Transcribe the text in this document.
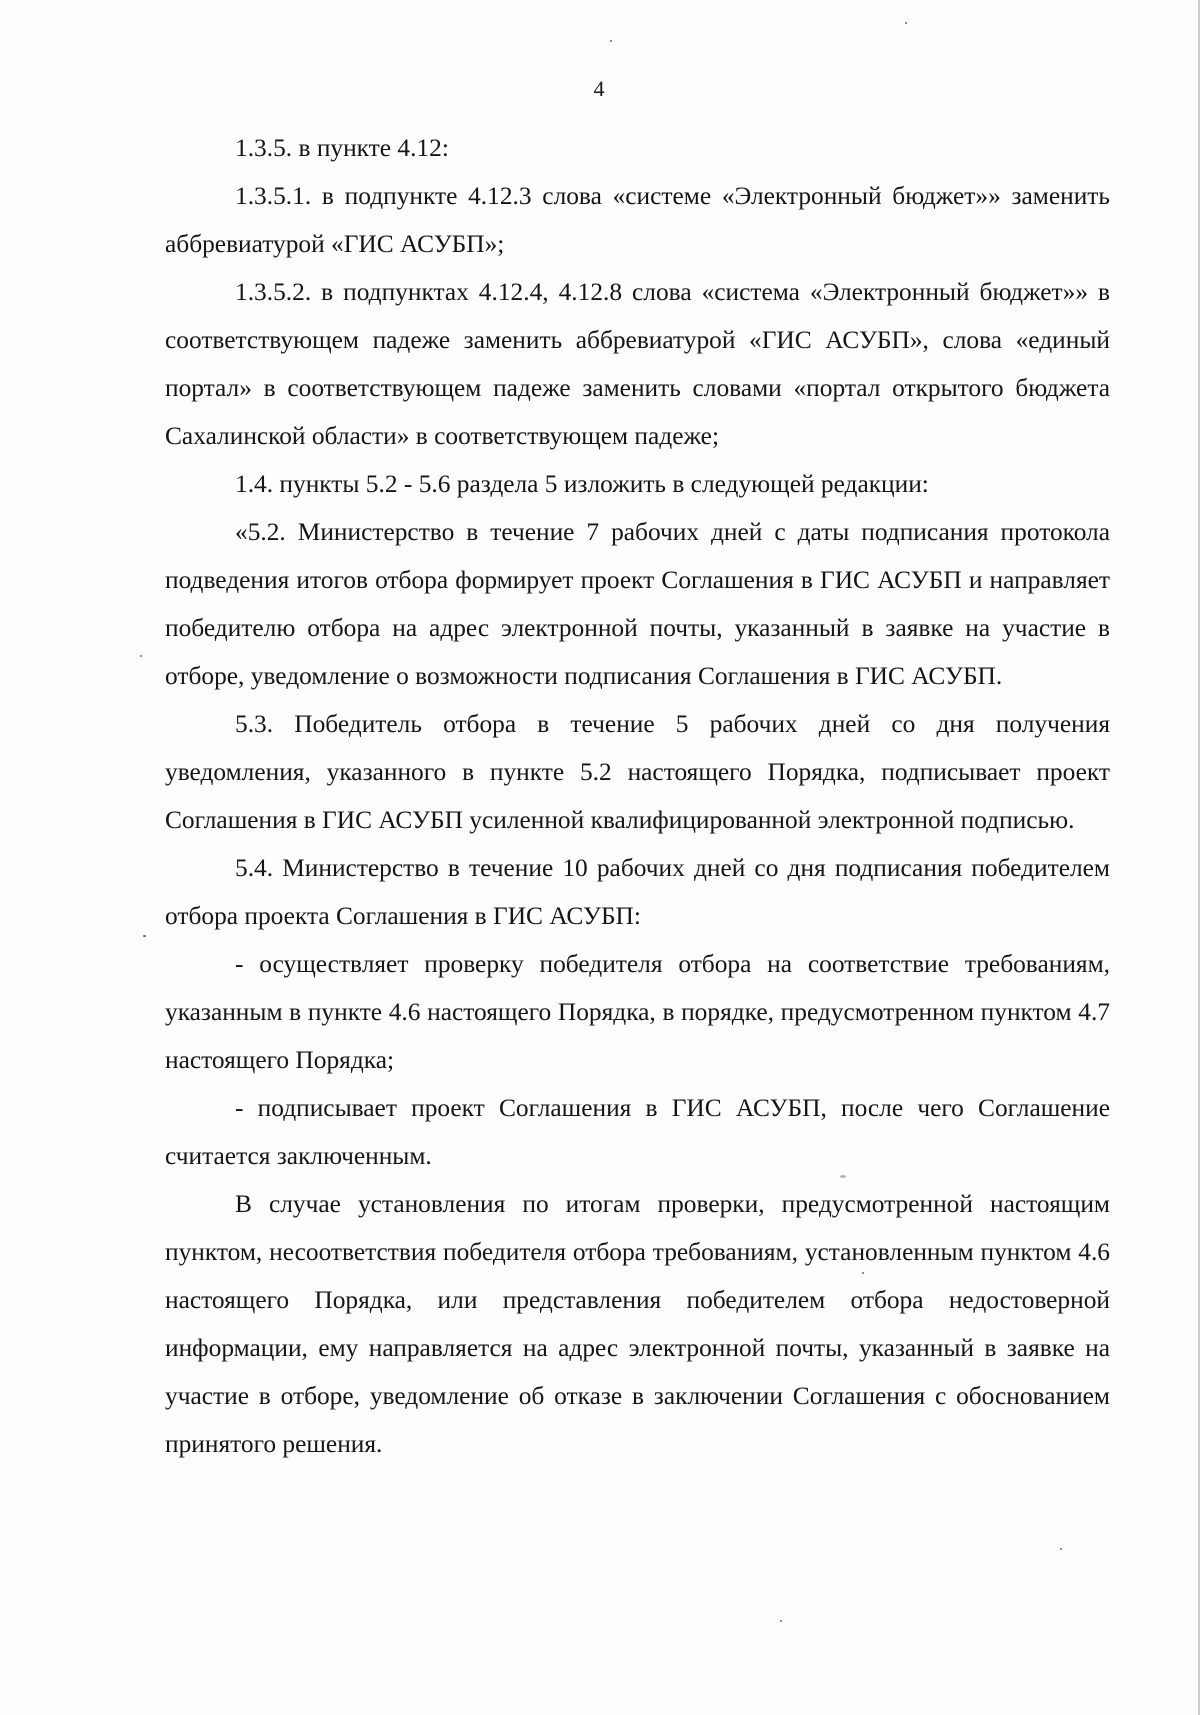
4

1.3.5. в пункте 4.12:

1.3.5.1. в подпункте 4.12.3 слова «системе «Электронный бюджет»» заменить аббревиатурой «ГИС АСУБП»;

1.3.5.2. в подпунктах 4.12.4, 4.12.8 слова «система «Электронный бюджет»» в соответствующем падеже заменить аббревиатурой «ГИС АСУБП», слова «единый портал» в соответствующем падеже заменить словами «портал открытого бюджета Сахалинской области» в соответствующем падеже;

1.4. пункты 5.2 - 5.6 раздела 5 изложить в следующей редакции:

«5.2. Министерство в течение 7 рабочих дней с даты подписания протокола подведения итогов отбора формирует проект Соглашения в ГИС АСУБП и направляет победителю отбора на адрес электронной почты, указанный в заявке на участие в отборе, уведомление о возможности подписания Соглашения в ГИС АСУБП.

5.3. Победитель отбора в течение 5 рабочих дней со дня получения уведомления, указанного в пункте 5.2 настоящего Порядка, подписывает проект Соглашения в ГИС АСУБП усиленной квалифицированной электронной подписью.

5.4. Министерство в течение 10 рабочих дней со дня подписания победителем отбора проекта Соглашения в ГИС АСУБП:

- осуществляет проверку победителя отбора на соответствие требованиям, указанным в пункте 4.6 настоящего Порядка, в порядке, предусмотренном пунктом 4.7 настоящего Порядка;

- подписывает проект Соглашения в ГИС АСУБП, после чего Соглашение считается заключенным.

В случае установления по итогам проверки, предусмотренной настоящим пунктом, несоответствия победителя отбора требованиям, установленным пунктом 4.6 настоящего Порядка, или представления победителем отбора недостоверной информации, ему направляется на адрес электронной почты, указанный в заявке на участие в отборе, уведомление об отказе в заключении Соглашения с обоснованием принятого решения.
